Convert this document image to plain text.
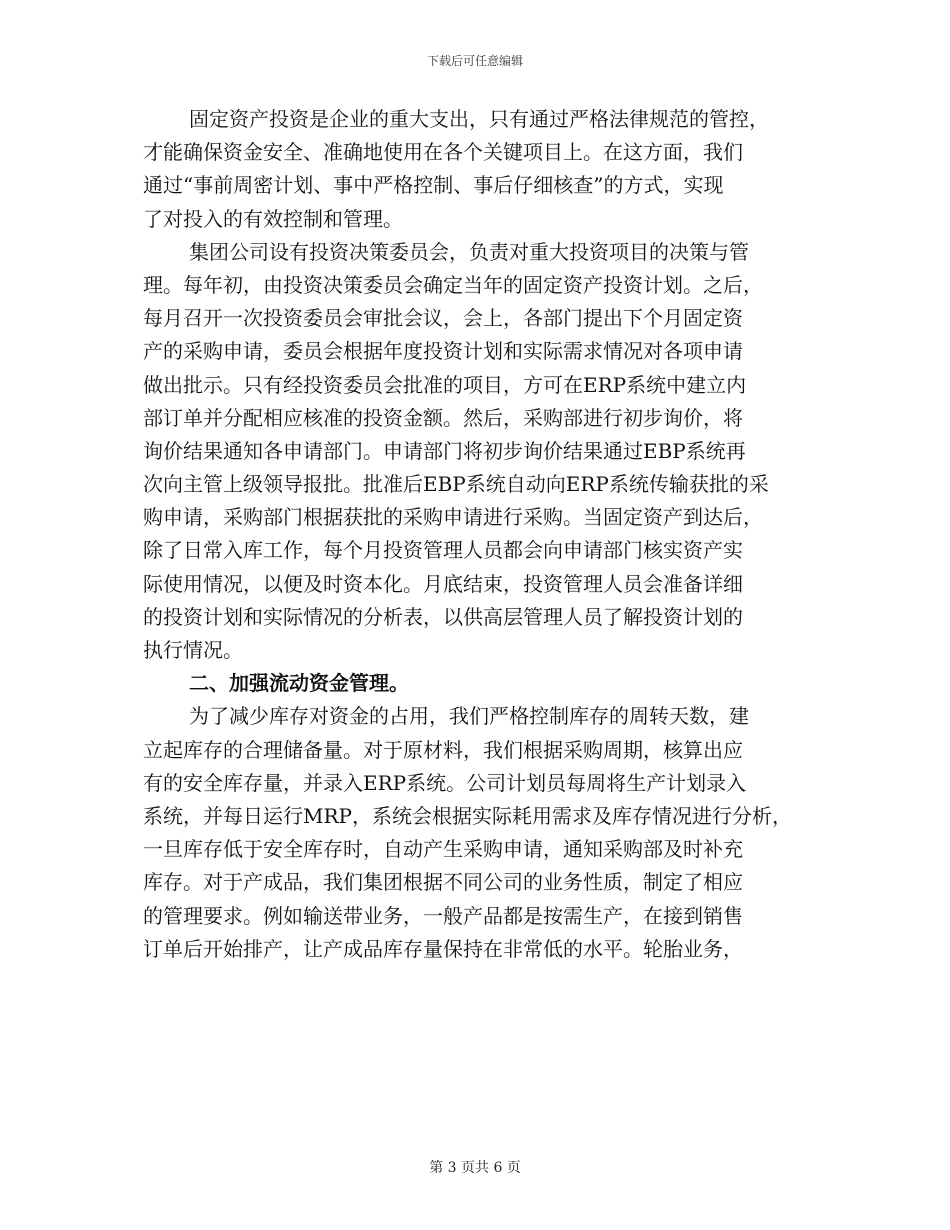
下载后可任意编辑
固定资产投资是企业的重大支出，只有通过严格法律规范的管控，
才能确保资金安全、准确地使用在各个关键项目上。在这方面，我们
通过“事前周密计划、事中严格控制、事后仔细核查”的方式，实现
了对投入的有效控制和管理。
集团公司设有投资决策委员会，负责对重大投资项目的决策与管
理。每年初，由投资决策委员会确定当年的固定资产投资计划。之后，
每月召开一次投资委员会审批会议，会上，各部门提出下个月固定资
产的采购申请，委员会根据年度投资计划和实际需求情况对各项申请
做出批示。只有经投资委员会批准的项目，方可在ERP系统中建立内
部订单并分配相应核准的投资金额。然后，采购部进行初步询价，将
询价结果通知各申请部门。申请部门将初步询价结果通过EBP系统再
次向主管上级领导报批。批准后EBP系统自动向ERP系统传输获批的采
购申请，采购部门根据获批的采购申请进行采购。当固定资产到达后，
除了日常入库工作，每个月投资管理人员都会向申请部门核实资产实
际使用情况，以便及时资本化。月底结束，投资管理人员会准备详细
的投资计划和实际情况的分析表，以供高层管理人员了解投资计划的
执行情况。
二、加强流动资金管理。
为了减少库存对资金的占用，我们严格控制库存的周转天数，建
立起库存的合理储备量。对于原材料，我们根据采购周期，核算出应
有的安全库存量，并录入ERP系统。公司计划员每周将生产计划录入
系统，并每日运行MRP，系统会根据实际耗用需求及库存情况进行分析，
一旦库存低于安全库存时，自动产生采购申请，通知采购部及时补充
库存。对于产成品，我们集团根据不同公司的业务性质，制定了相应
的管理要求。例如输送带业务，一般产品都是按需生产，在接到销售
订单后开始排产，让产成品库存量保持在非常低的水平。轮胎业务，
第 3 页共 6 页
